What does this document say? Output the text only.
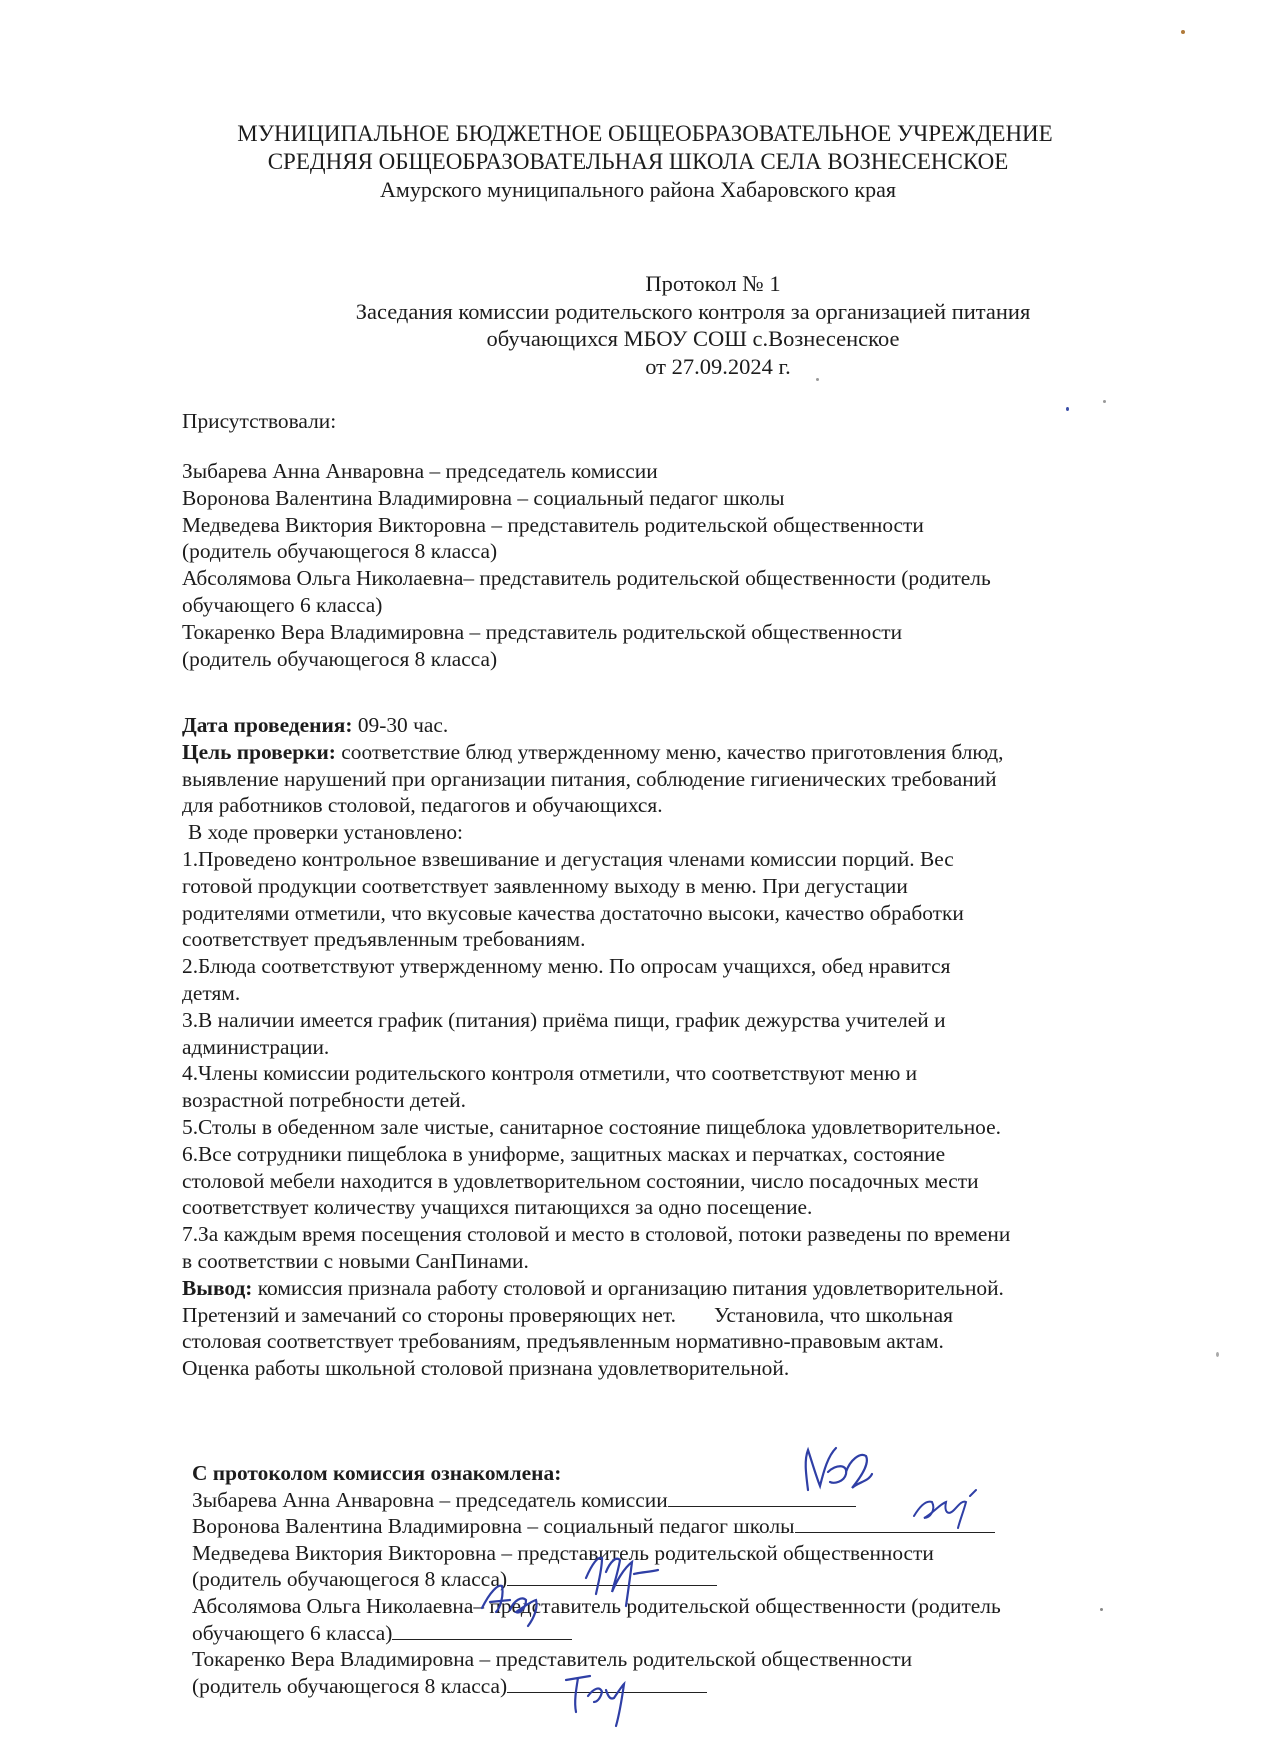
МУНИЦИПАЛЬНОЕ БЮДЖЕТНОЕ ОБЩЕОБРАЗОВАТЕЛЬНОЕ УЧРЕЖДЕНИЕ
СРЕДНЯЯ ОБЩЕОБРАЗОВАТЕЛЬНАЯ ШКОЛА СЕЛА ВОЗНЕСЕНСКОЕ
Амурского муниципального района Хабаровского края
Протокол № 1
Заседания комиссии родительского контроля за организацией питания
обучающихся МБОУ СОШ с.Вознесенское
от 27.09.2024 г.

Присутствовали:

Зыбарева Анна Анваровна – председатель комиссии

Воронова Валентина Владимировна – социальный педагог школы

Медведева Виктория Викторовна – представитель родительской общественности

(родитель обучающегося 8 класса)

Абсолямова Ольга Николаевна– представитель родительской общественности (родитель

обучающего 6 класса)

Токаренко Вера Владимировна – представитель родительской общественности

(родитель обучающегося 8 класса)

Дата проведения: 09-30 час.

Цель проверки: соответствие блюд утвержденному меню, качество приготовления блюд,

выявление нарушений при организации питания, соблюдение гигиенических требований

для работников столовой, педагогов и обучающихся.

В ходе проверки установлено:

1.Проведено контрольное взвешивание и дегустация членами комиссии порций. Вес

готовой продукции соответствует заявленному выходу в меню. При дегустации

родителями отметили, что вкусовые качества достаточно высоки, качество обработки

соответствует предъявленным требованиям.

2.Блюда соответствуют утвержденному меню. По опросам учащихся, обед нравится

детям.

3.В наличии имеется график (питания) приёма пищи, график дежурства учителей и

администрации.

4.Члены комиссии родительского контроля отметили, что соответствуют меню и

возрастной потребности детей.

5.Столы в обеденном зале чистые, санитарное состояние пищеблока удовлетворительное.

6.Все сотрудники пищеблока в униформе, защитных масках и перчатках, состояние

столовой мебели находится в удовлетворительном состоянии, число посадочных мести

соответствует количеству учащихся питающихся за одно посещение.

7.За каждым время посещения столовой и место в столовой, потоки разведены по времени

в соответствии с новыми СанПинами.

Вывод: комиссия признала работу столовой и организацию питания удовлетворительной.

Претензий и замечаний со стороны проверяющих нет. Установила, что школьная

столовая соответствует требованиям, предъявленным нормативно-правовым актам.

Оценка работы школьной столовой признана удовлетворительной.

С протоколом комиссия ознакомлена:

Зыбарева Анна Анваровна – председатель комиссии

Воронова Валентина Владимировна – социальный педагог школы

Медведева Виктория Викторовна – представитель родительской общественности

(родитель обучающегося 8 класса)

Абсолямова Ольга Николаевна– представитель родительской общественности (родитель

обучающего 6 класса)

Токаренко Вера Владимировна – представитель родительской общественности

(родитель обучающегося 8 класса)
